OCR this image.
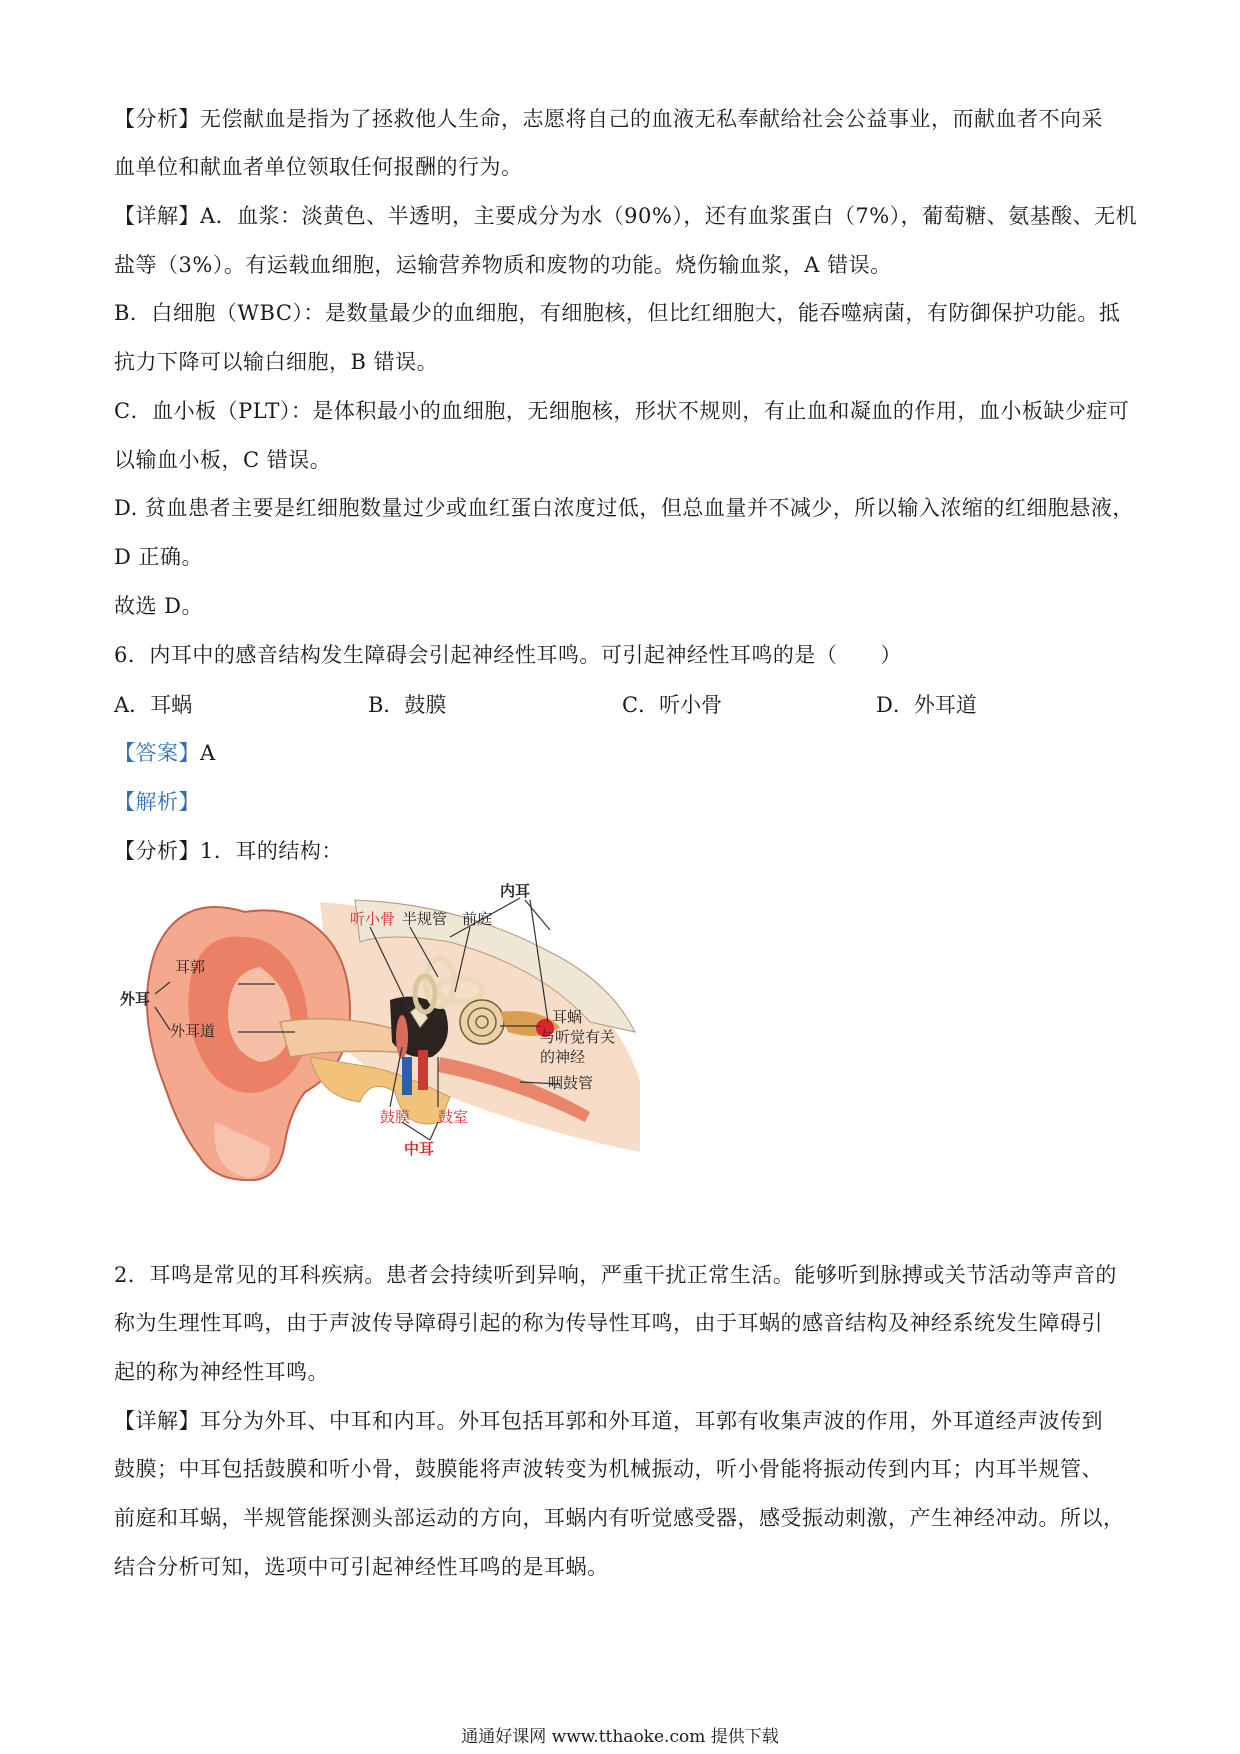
【分析】无偿献血是指为了拯救他人生命，志愿将自己的血液无私奉献给社会公益事业，而献血者不向采
血单位和献血者单位领取任何报酬的行为。
【详解】A．血浆：淡黄色、半透明，主要成分为水（90%），还有血浆蛋白（7%），葡萄糖、氨基酸、无机
盐等（3%）。有运载血细胞，运输营养物质和废物的功能。烧伤输血浆，A 错误。
B．白细胞（WBC）：是数量最少的血细胞，有细胞核，但比红细胞大，能吞噬病菌，有防御保护功能。抵
抗力下降可以输白细胞，B 错误。
C．血小板（PLT）：是体积最小的血细胞，无细胞核，形状不规则，有止血和凝血的作用，血小板缺少症可
以输血小板，C 错误。
D. 贫血患者主要是红细胞数量过少或血红蛋白浓度过低，但总血量并不减少，所以输入浓缩的红细胞悬液，
D 正确。
故选 D。
6．内耳中的感音结构发生障碍会引起神经性耳鸣。可引起神经性耳鸣的是（　　）
A．耳蜗	B．鼓膜	C．听小骨	D．外耳道
【答案】A
【解析】
【分析】1．耳的结构：
内耳
听小骨 半规管 前庭
耳郭
外耳
外耳道
耳蜗
与听觉有关
的神经
咽鼓管
鼓膜 鼓室
中耳
2．耳鸣是常见的耳科疾病。患者会持续听到异响，严重干扰正常生活。能够听到脉搏或关节活动等声音的
称为生理性耳鸣，由于声波传导障碍引起的称为传导性耳鸣，由于耳蜗的感音结构及神经系统发生障碍引
起的称为神经性耳鸣。
【详解】耳分为外耳、中耳和内耳。外耳包括耳郭和外耳道，耳郭有收集声波的作用，外耳道经声波传到
鼓膜；中耳包括鼓膜和听小骨，鼓膜能将声波转变为机械振动，听小骨能将振动传到内耳；内耳半规管、
前庭和耳蜗，半规管能探测头部运动的方向，耳蜗内有听觉感受器，感受振动刺激，产生神经冲动。所以，
结合分析可知，选项中可引起神经性耳鸣的是耳蜗。
通通好课网 www.tthaoke.com 提供下载
